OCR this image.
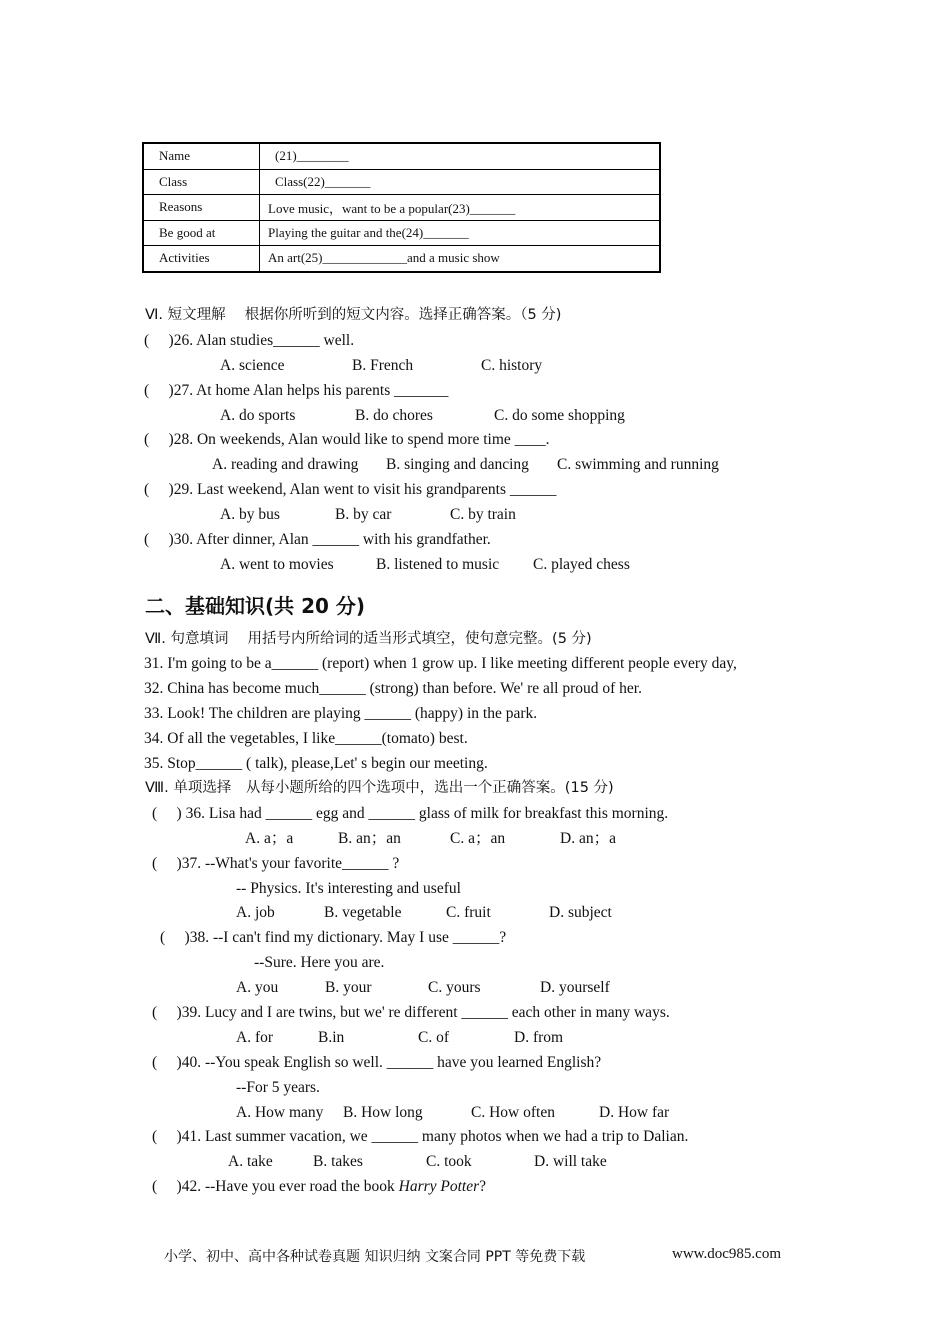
Name	(21)________
Class	Class(22)_______
Reasons	Love music，want to be a popular(23)_______
Be good at	Playing the guitar and the(24)_______
Activities	An art(25)_____________and a music show
Ⅵ. 短文理解　 根据你所听到的短文内容。选择正确答案。（5 分)
(　 )26. Alan studies______ well.
A. science	B. French	C. history
(　 )27. At home Alan helps his parents _______
A. do sports	B. do chores	C. do some shopping
(　 )28. On weekends, Alan would like to spend more time ____.
A. reading and drawing B. singing and dancing C. swimming and running
(　 )29. Last weekend, Alan went to visit his grandparents ______
A. by bus	B. by car	C. by train
(　 )30. After dinner, Alan ______ with his grandfather.
A. went to movies	B. listened to music C. played chess
二、基础知识(共 20 分)
Ⅶ. 句意填词　 用括号内所给词的适当形式填空，使句意完整。(5 分)
31. I'm going to be a______ (report) when 1 grow up. I like meeting different people every day,
32. China has become much______ (strong) than before. We' re all proud of her.
33. Look! The children are playing ______ (happy) in the park.
34. Of all the vegetables, I like______(tomato) best.
35. Stop______ ( talk), please,Let' s begin our meeting.
Ⅷ. 单项选择　从每小题所给的四个选项中，选出一个正确答案。(15 分)
(　 ) 36. Lisa had ______ egg and ______ glass of milk for breakfast this morning.
A. a；a	B. an；an	C. a；an	D. an；a
(　 )37. --What's your favorite______ ?
-- Physics. It's interesting and useful
A. job	B. vegetable	C. fruit	D. subject
(　 )38. --I can't find my dictionary. May I use ______?
--Sure. Here you are.
A. you	B. your	C. yours	D. yourself
(　 )39. Lucy and I are twins, but we' re different ______ each other in many ways.
A. for	B.in	C. of	D. from
(　 )40. --You speak English so well. ______ have you learned English?
--For 5 years.
A. How many B. How long	C. How often	D. How far
(　 )41. Last summer vacation, we ______ many photos when we had a trip to Dalian.
A. take	B. takes	C. took	D. will take
(　 )42. --Have you ever road the book Harry Potter?
小学、初中、高中各种试卷真题 知识归纳 文案合同 PPT 等免费下载	www.doc985.com
